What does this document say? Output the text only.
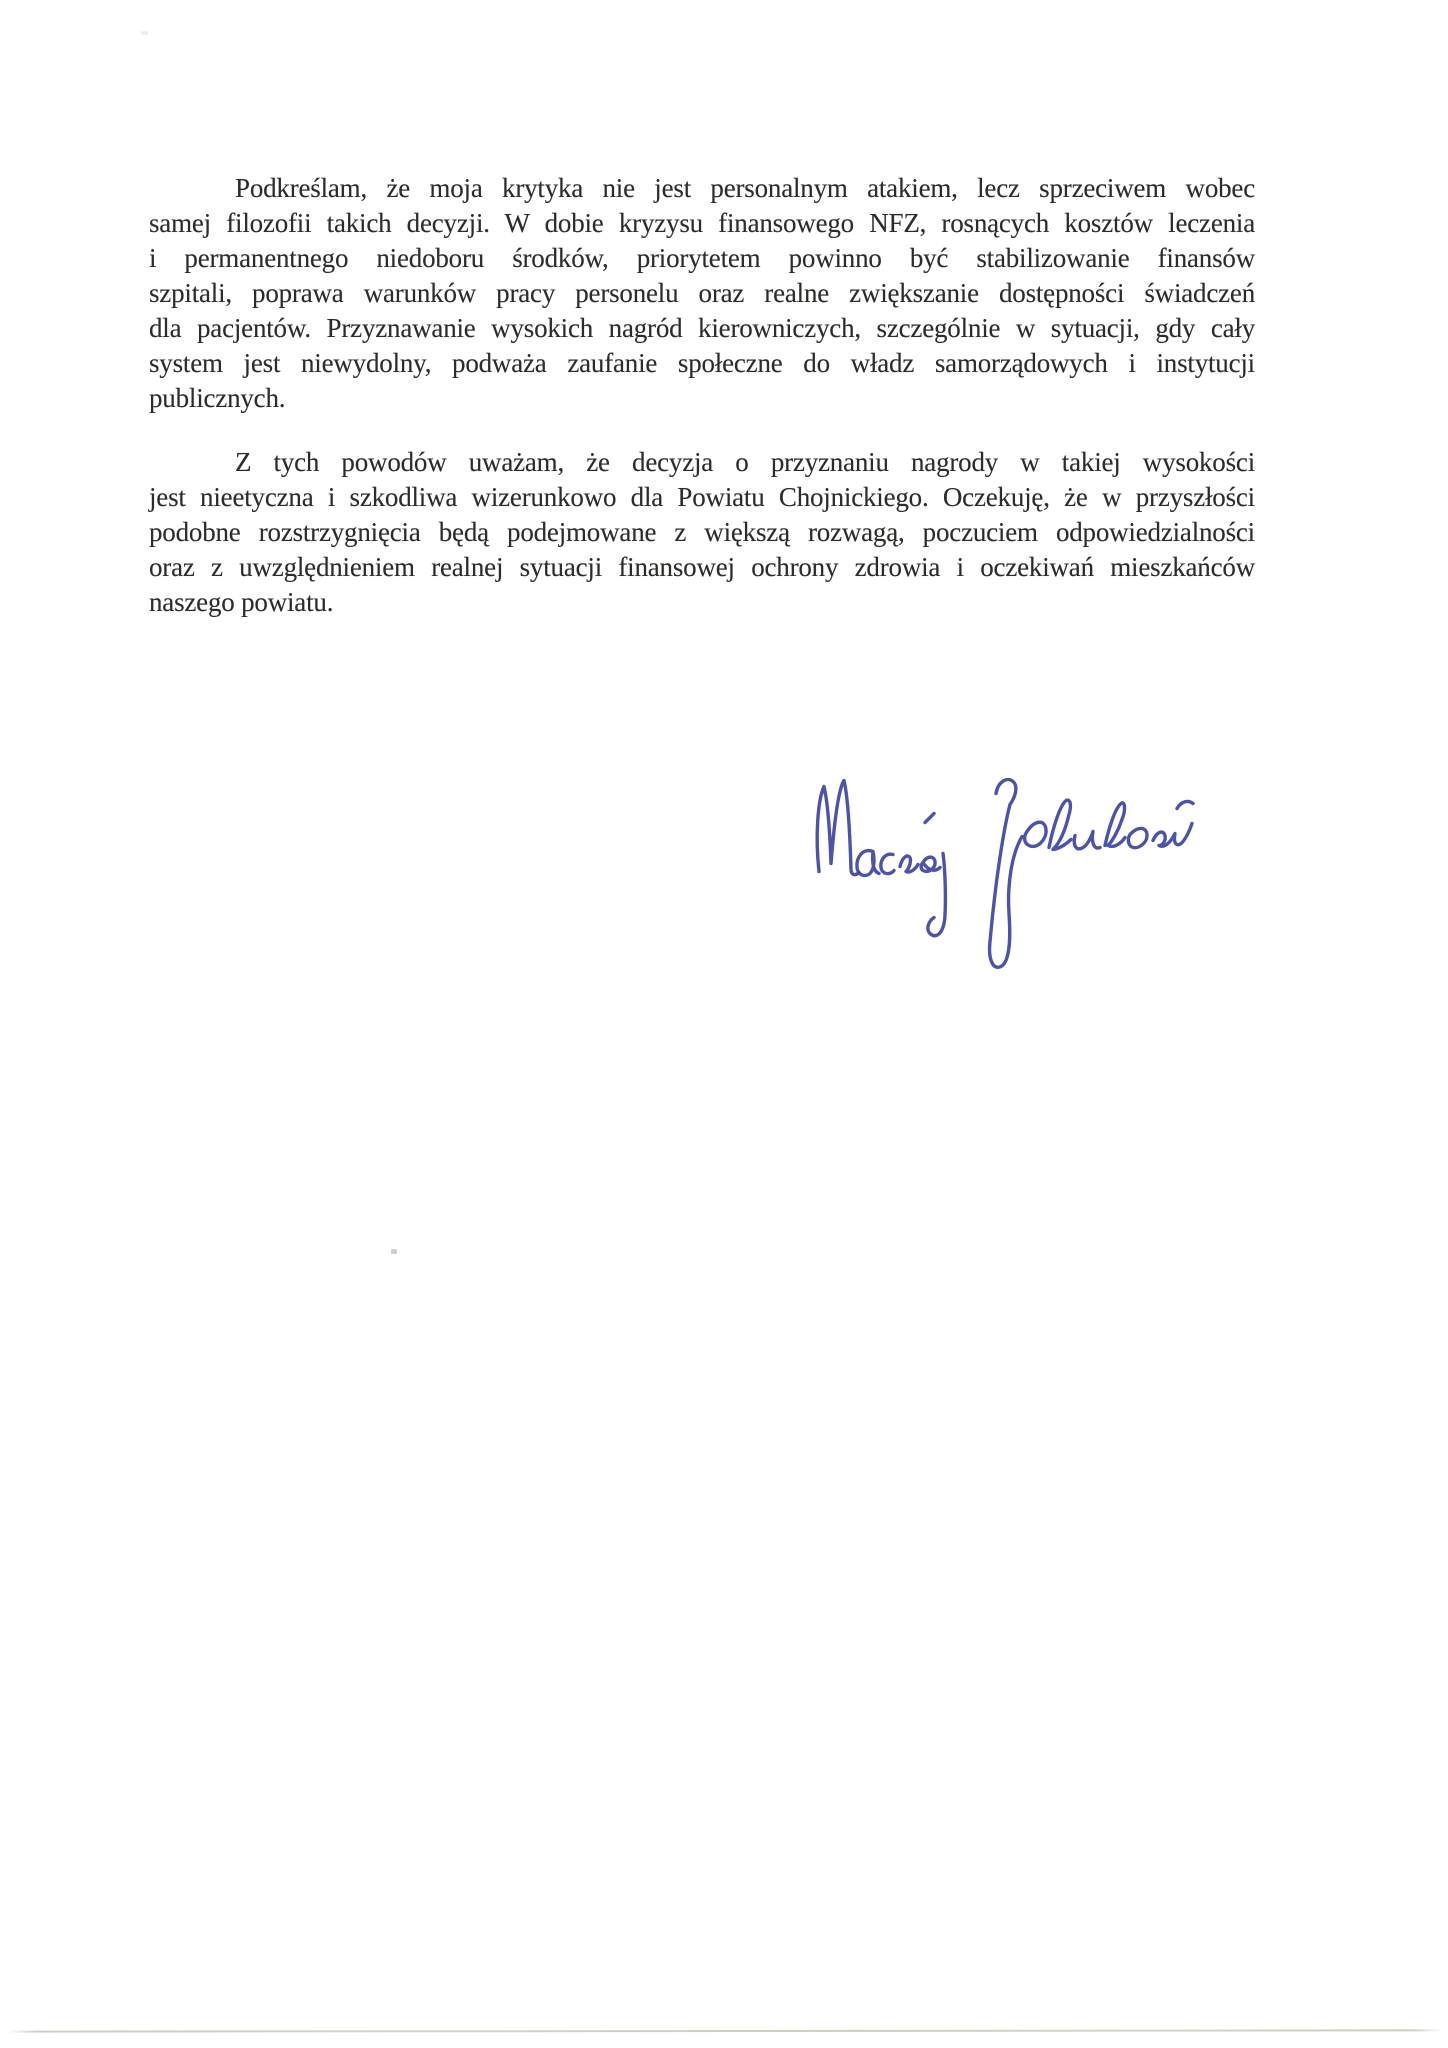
Podkreślam, że moja krytyka nie jest personalnym atakiem, lecz sprzeciwem wobec
samej filozofii takich decyzji. W dobie kryzysu finansowego NFZ, rosnących kosztów leczenia
i permanentnego niedoboru środków, priorytetem powinno być stabilizowanie finansów
szpitali, poprawa warunków pracy personelu oraz realne zwiększanie dostępności świadczeń
dla pacjentów. Przyznawanie wysokich nagród kierowniczych, szczególnie w sytuacji, gdy cały
system jest niewydolny, podważa zaufanie społeczne do władz samorządowych i instytucji
publicznych.
Z tych powodów uważam, że decyzja o przyznaniu nagrody w takiej wysokości
jest nieetyczna i szkodliwa wizerunkowo dla Powiatu Chojnickiego. Oczekuję, że w przyszłości
podobne rozstrzygnięcia będą podejmowane z większą rozwagą, poczuciem odpowiedzialności
oraz z uwzględnieniem realnej sytuacji finansowej ochrony zdrowia i oczekiwań mieszkańców
naszego powiatu.
